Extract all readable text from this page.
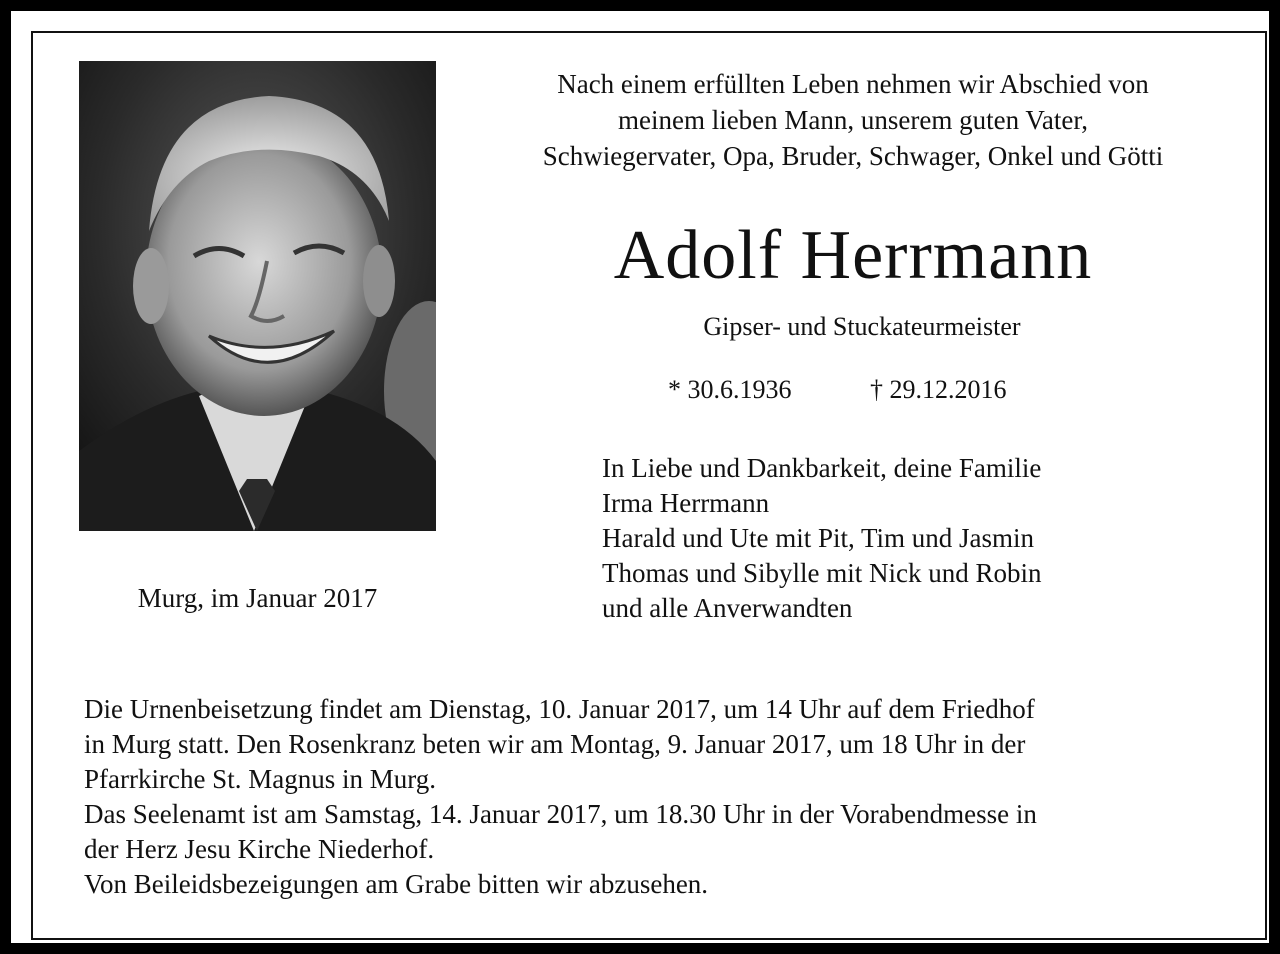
Murg, im Januar 2017
Nach einem erfüllten Leben nehmen wir Abschied von
meinem lieben Mann, unserem guten Vater,
Schwiegervater, Opa, Bruder, Schwager, Onkel und Götti
Adolf Herrmann
Gipser- und Stuckateurmeister
* 30.6.1936	† 29.12.2016
In Liebe und Dankbarkeit, deine Familie
Irma Herrmann
Harald und Ute mit Pit, Tim und Jasmin
Thomas und Sibylle mit Nick und Robin
und alle Anverwandten
Die Urnenbeisetzung findet am Dienstag, 10. Januar 2017, um 14 Uhr auf dem Friedhof
in Murg statt. Den Rosenkranz beten wir am Montag, 9. Januar 2017, um 18 Uhr in der
Pfarrkirche St. Magnus in Murg.
Das Seelenamt ist am Samstag, 14. Januar 2017, um 18.30 Uhr in der Vorabendmesse in
der Herz Jesu Kirche Niederhof.
Von Beileidsbezeigungen am Grabe bitten wir abzusehen.
